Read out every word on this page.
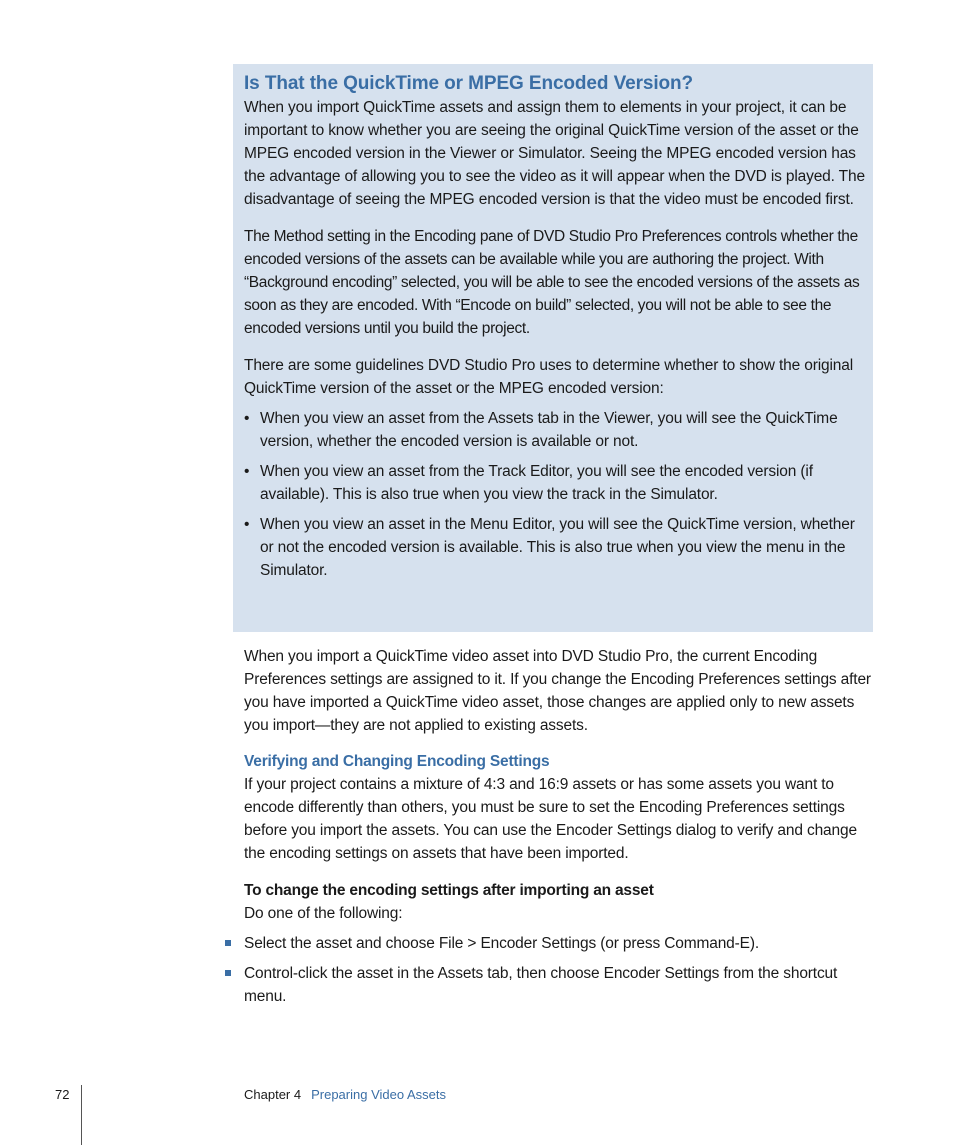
Is That the QuickTime or MPEG Encoded Version?

When you import QuickTime assets and assign them to elements in your project, it can be important to know whether you are seeing the original QuickTime version of the asset or the MPEG encoded version in the Viewer or Simulator. Seeing the MPEG encoded version has the advantage of allowing you to see the video as it will appear when the DVD is played. The disadvantage of seeing the MPEG encoded version is that the video must be encoded first.

The Method setting in the Encoding pane of DVD Studio Pro Preferences controls whether the encoded versions of the assets can be available while you are authoring the project. With “Background encoding” selected, you will be able to see the encoded versions of the assets as soon as they are encoded. With “Encode on build” selected, you will not be able to see the encoded versions until you build the project.

There are some guidelines DVD Studio Pro uses to determine whether to show the original QuickTime version of the asset or the MPEG encoded version:

• When you view an asset from the Assets tab in the Viewer, you will see the QuickTime version, whether the encoded version is available or not.
• When you view an asset from the Track Editor, you will see the encoded version (if available). This is also true when you view the track in the Simulator.
• When you view an asset in the Menu Editor, you will see the QuickTime version, whether or not the encoded version is available. This is also true when you view the menu in the Simulator.

When you import a QuickTime video asset into DVD Studio Pro, the current Encoding Preferences settings are assigned to it. If you change the Encoding Preferences settings after you have imported a QuickTime video asset, those changes are applied only to new assets you import—they are not applied to existing assets.

Verifying and Changing Encoding Settings

If your project contains a mixture of 4:3 and 16:9 assets or has some assets you want to encode differently than others, you must be sure to set the Encoding Preferences settings before you import the assets. You can use the Encoder Settings dialog to verify and change the encoding settings on assets that have been imported.

To change the encoding settings after importing an asset

Do one of the following:

Select the asset and choose File > Encoder Settings (or press Command-E).
Control-click the asset in the Assets tab, then choose Encoder Settings from the shortcut menu.
72	Chapter 4 Preparing Video Assets
